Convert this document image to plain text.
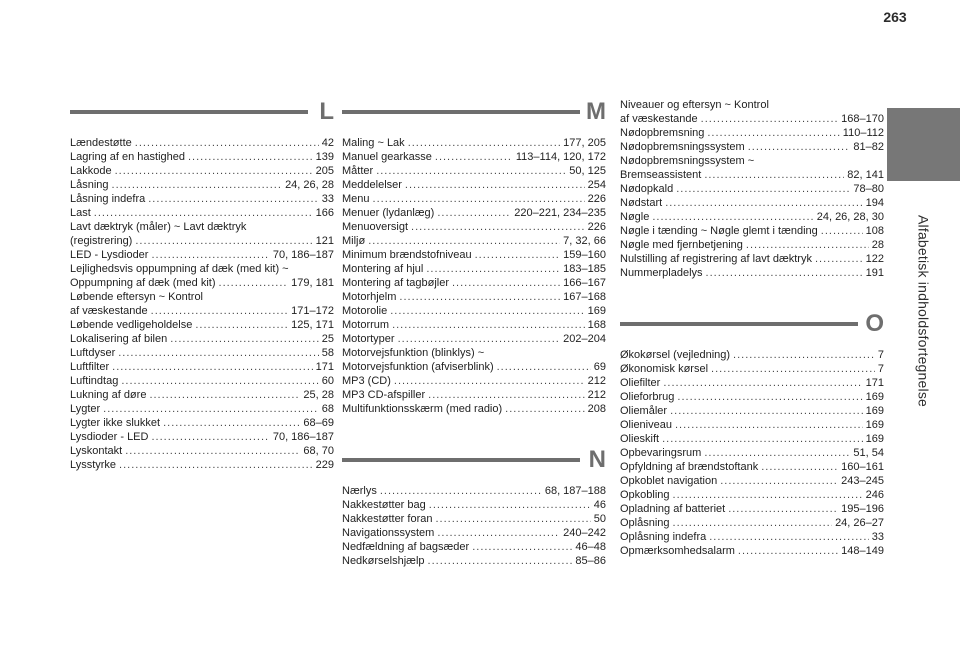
263
Alfabetisk indholdsfortegnelse
L
Lændestøtte .....	42
Lagring af en hastighed .....	139
Lakkode .....	205
Låsning .....	24, 26, 28
Låsning indefra .....	33
Last .....	166
Lavt dæktryk (måler) ~ Lavt dæktryk
(registrering) .....	121
LED - Lysdioder .....	70, 186–187
Lejlighedsvis oppumpning af dæk (med kit) ~
Oppumpning af dæk (med kit) .....	179, 181
Løbende eftersyn ~ Kontrol
af væskestande .....	171–172
Løbende vedligeholdelse .....	125, 171
Lokalisering af bilen .....	25
Luftdyser .....	58
Luftfilter .....	171
Luftindtag .....	60
Lukning af døre .....	25, 28
Lygter .....	68
Lygter ikke slukket .....	68–69
Lysdioder - LED .....	70, 186–187
Lyskontakt .....	68, 70
Lysstyrke .....	229
M
Maling ~ Lak .....	177, 205
Manuel gearkasse .....	113–114, 120, 172
Måtter .....	50, 125
Meddelelser .....	254
Menu .....	226
Menuer (lydanlæg) .....	220–221, 234–235
Menuoversigt .....	226
Miljø .....	7, 32, 66
Minimum brændstofniveau .....	159–160
Montering af hjul .....	183–185
Montering af tagbøjler .....	166–167
Motorhjelm .....	167–168
Motorolie .....	169
Motorrum .....	168
Motortyper .....	202–204
Motorvejsfunktion (blinklys) ~
Motorvejsfunktion (afviserblink) .....	69
MP3 (CD) .....	212
MP3 CD-afspiller .....	212
Multifunktionsskærm (med radio) .....	208
N
Nærlys .....	68, 187–188
Nakkestøtter bag .....	46
Nakkestøtter foran .....	50
Navigationssystem .....	240–242
Nedfældning af bagsæder .....	46–48
Nedkørselshjælp .....	85–86
Niveauer og eftersyn ~ Kontrol
af væskestande .....	168–170
Nødopbremsning .....	110–112
Nødopbremsningssystem .....	81–82
Nødopbremsningssystem ~
Bremseassistent .....	82, 141
Nødopkald .....	78–80
Nødstart .....	194
Nøgle .....	24, 26, 28, 30
Nøgle i tænding ~ Nøgle glemt i tænding .....	108
Nøgle med fjernbetjening .....	28
Nulstilling af registrering af lavt dæktryk .....	122
Nummerpladelys .....	191
O
Økokørsel (vejledning) .....	7
Økonomisk kørsel .....	7
Oliefilter .....	171
Olieforbrug .....	169
Oliemåler .....	169
Olieniveau .....	169
Olieskift .....	169
Opbevaringsrum .....	51, 54
Opfyldning af brændstoftank .....	160–161
Opkoblet navigation .....	243–245
Opkobling .....	246
Opladning af batteriet .....	195–196
Oplåsning .....	24, 26–27
Oplåsning indefra .....	33
Opmærksomhedsalarm .....	148–149
